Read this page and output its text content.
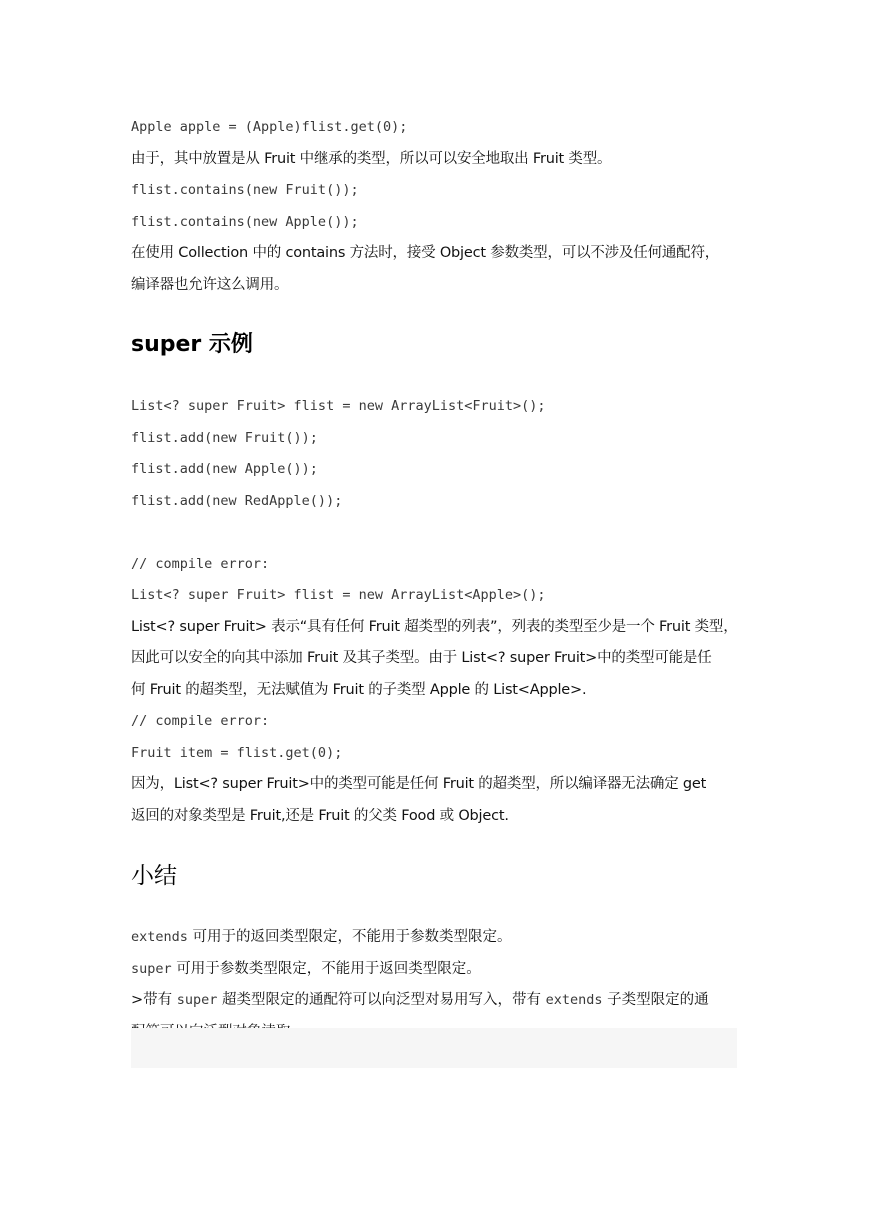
Apple apple = (Apple)flist.get(0);
由于，其中放置是从 Fruit 中继承的类型，所以可以安全地取出 Fruit 类型。
flist.contains(new Fruit());
flist.contains(new Apple());
在使用 Collection 中的 contains 方法时，接受 Object 参数类型，可以不涉及任何通配符，
编译器也允许这么调用。
super 示例
List<? super Fruit> flist = new ArrayList<Fruit>();
flist.add(new Fruit());
flist.add(new Apple());
flist.add(new RedApple());
// compile error:
List<? super Fruit> flist = new ArrayList<Apple>();
List<? super Fruit> 表示“具有任何 Fruit 超类型的列表”，列表的类型至少是一个 Fruit 类型，
因此可以安全的向其中添加 Fruit 及其子类型。由于 List<? super Fruit>中的类型可能是任
何 Fruit 的超类型，无法赋值为 Fruit 的子类型 Apple 的 List<Apple>.
// compile error:
Fruit item = flist.get(0);
因为，List<? super Fruit>中的类型可能是任何 Fruit 的超类型，所以编译器无法确定 get
返回的对象类型是 Fruit,还是 Fruit 的父类 Food 或 Object.
小结
extends 可用于的返回类型限定，不能用于参数类型限定。
super 可用于参数类型限定，不能用于返回类型限定。
>带有 super 超类型限定的通配符可以向泛型对易用写入，带有 extends 子类型限定的通
